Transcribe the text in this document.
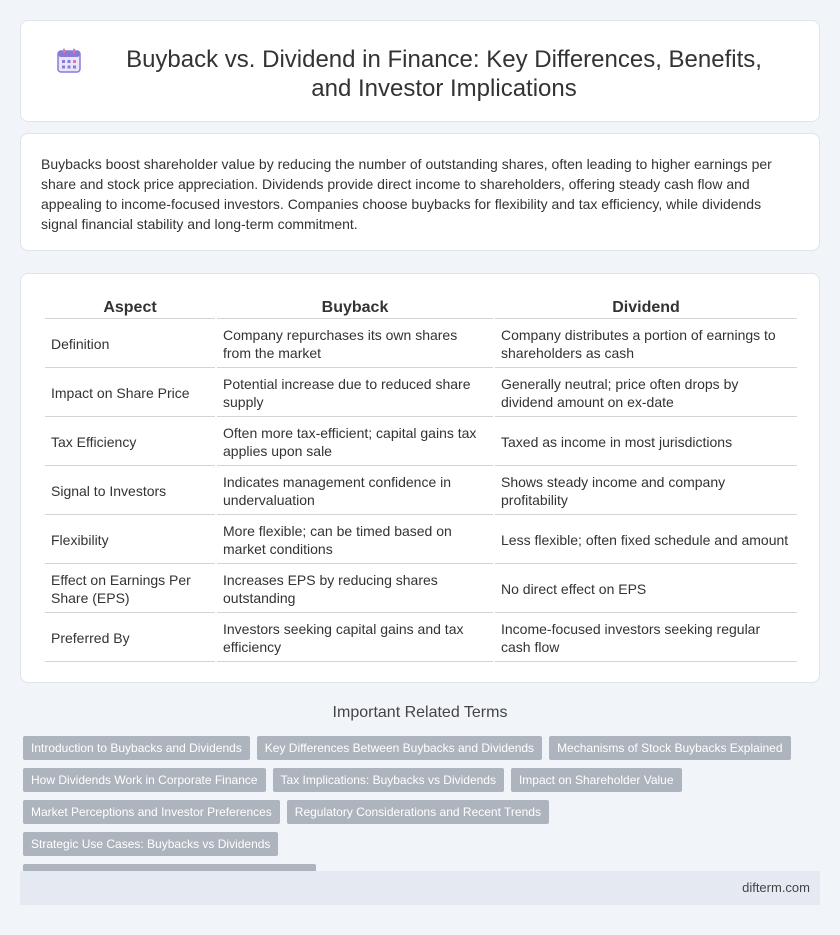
Buyback vs. Dividend in Finance: Key Differences, Benefits, and Investor Implications

Buybacks boost shareholder value by reducing the number of outstanding shares, often leading to higher earnings per share and stock price appreciation. Dividends provide direct income to shareholders, offering steady cash flow and appealing to income-focused investors. Companies choose buybacks for flexibility and tax efficiency, while dividends signal financial stability and long-term commitment.

Aspect	Buyback	Dividend
Definition	Company repurchases its own shares from the market	Company distributes a portion of earnings to shareholders as cash
Impact on Share Price	Potential increase due to reduced share supply	Generally neutral; price often drops by dividend amount on ex-date
Tax Efficiency	Often more tax-efficient; capital gains tax applies upon sale	Taxed as income in most jurisdictions
Signal to Investors	Indicates management confidence in undervaluation	Shows steady income and company profitability
Flexibility	More flexible; can be timed based on market conditions	Less flexible; often fixed schedule and amount
Effect on Earnings Per Share (EPS)	Increases EPS by reducing shares outstanding	No direct effect on EPS
Preferred By	Investors seeking capital gains and tax efficiency	Income-focused investors seeking regular cash flow
Important Related Terms
Introduction to Buybacks and Dividends Key Differences Between Buybacks and Dividends Mechanisms of Stock Buybacks Explained
How Dividends Work in Corporate Finance Tax Implications: Buybacks vs Dividends Impact on Shareholder Value
Market Perceptions and Investor Preferences Regulatory Considerations and Recent TrendsStrategic Use Cases: Buybacks vs Dividends

difterm.com
